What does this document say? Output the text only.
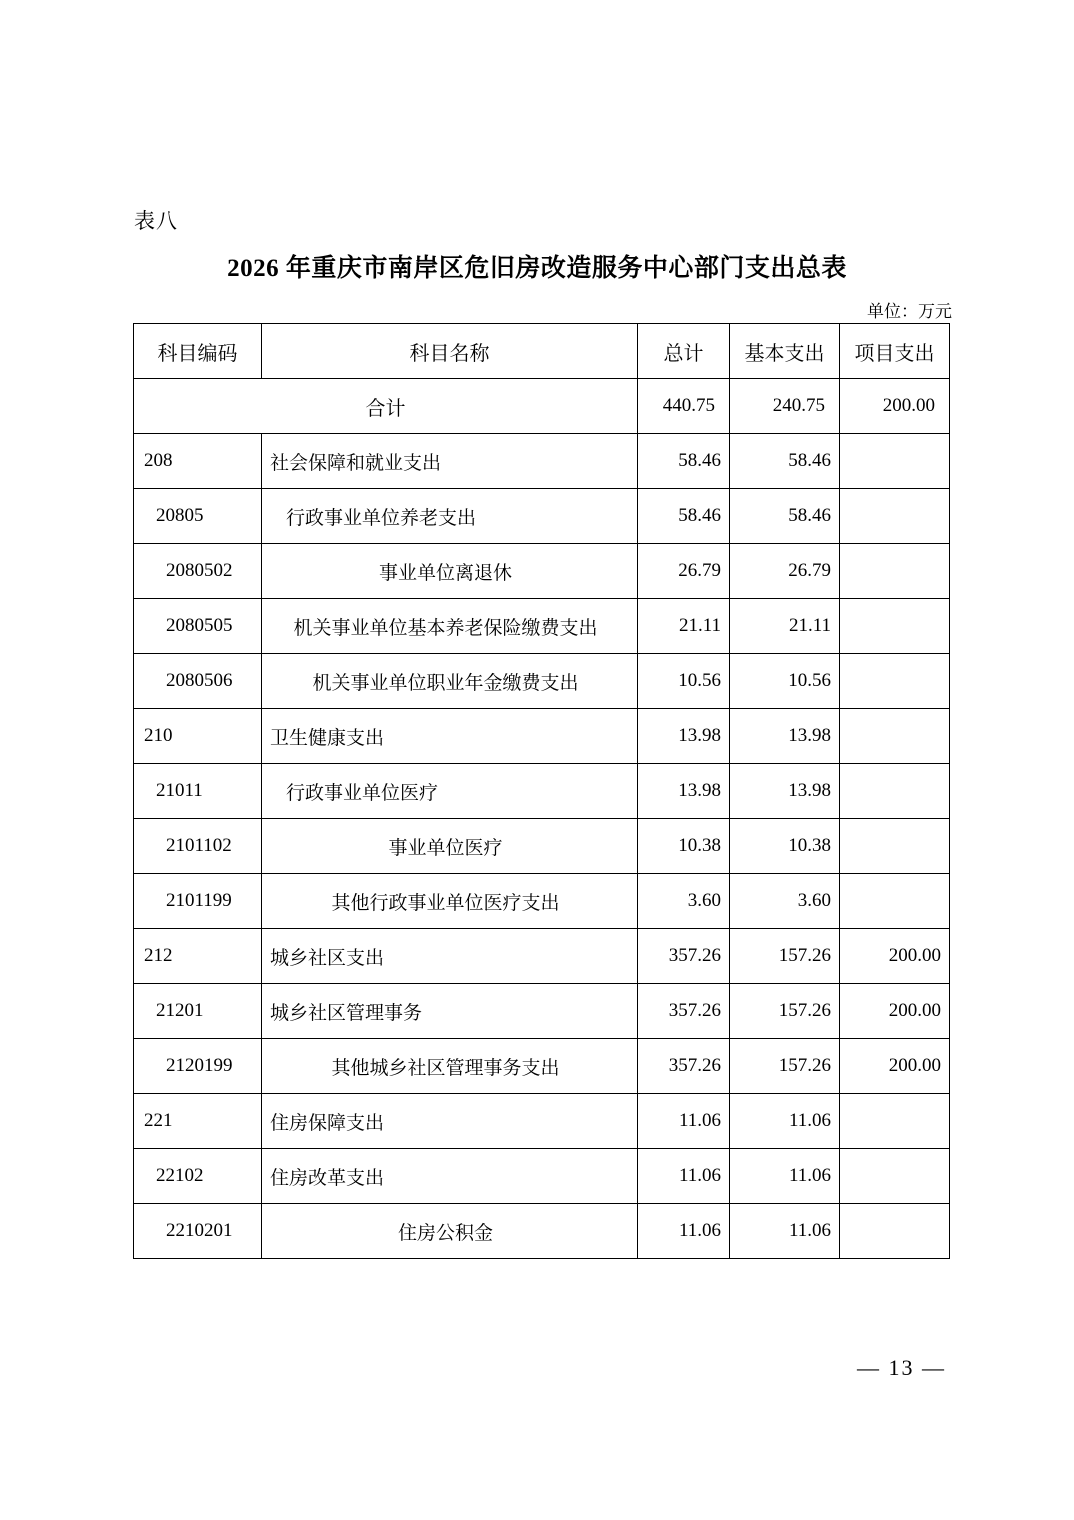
表八
2026 年重庆市南岸区危旧房改造服务中心部门支出总表
单位：万元
科目编码	科目名称	总计	基本支出	项目支出
合计		440.75	240.75	200.00
208	社会保障和就业支出	58.46	58.46	
20805	行政事业单位养老支出	58.46	58.46	
2080502	事业单位离退休	26.79	26.79	
2080505	机关事业单位基本养老保险缴费支出	21.11	21.11	
2080506	机关事业单位职业年金缴费支出	10.56	10.56	
210	卫生健康支出	13.98	13.98	
21011	行政事业单位医疗	13.98	13.98	
2101102	事业单位医疗	10.38	10.38	
2101199	其他行政事业单位医疗支出	3.60	3.60	
212	城乡社区支出	357.26	157.26	200.00
21201	城乡社区管理事务	357.26	157.26	200.00
2120199	其他城乡社区管理事务支出	357.26	157.26	200.00
221	住房保障支出	11.06	11.06	
22102	住房改革支出	11.06	11.06	
2210201	住房公积金	11.06	11.06	
— 13 —
